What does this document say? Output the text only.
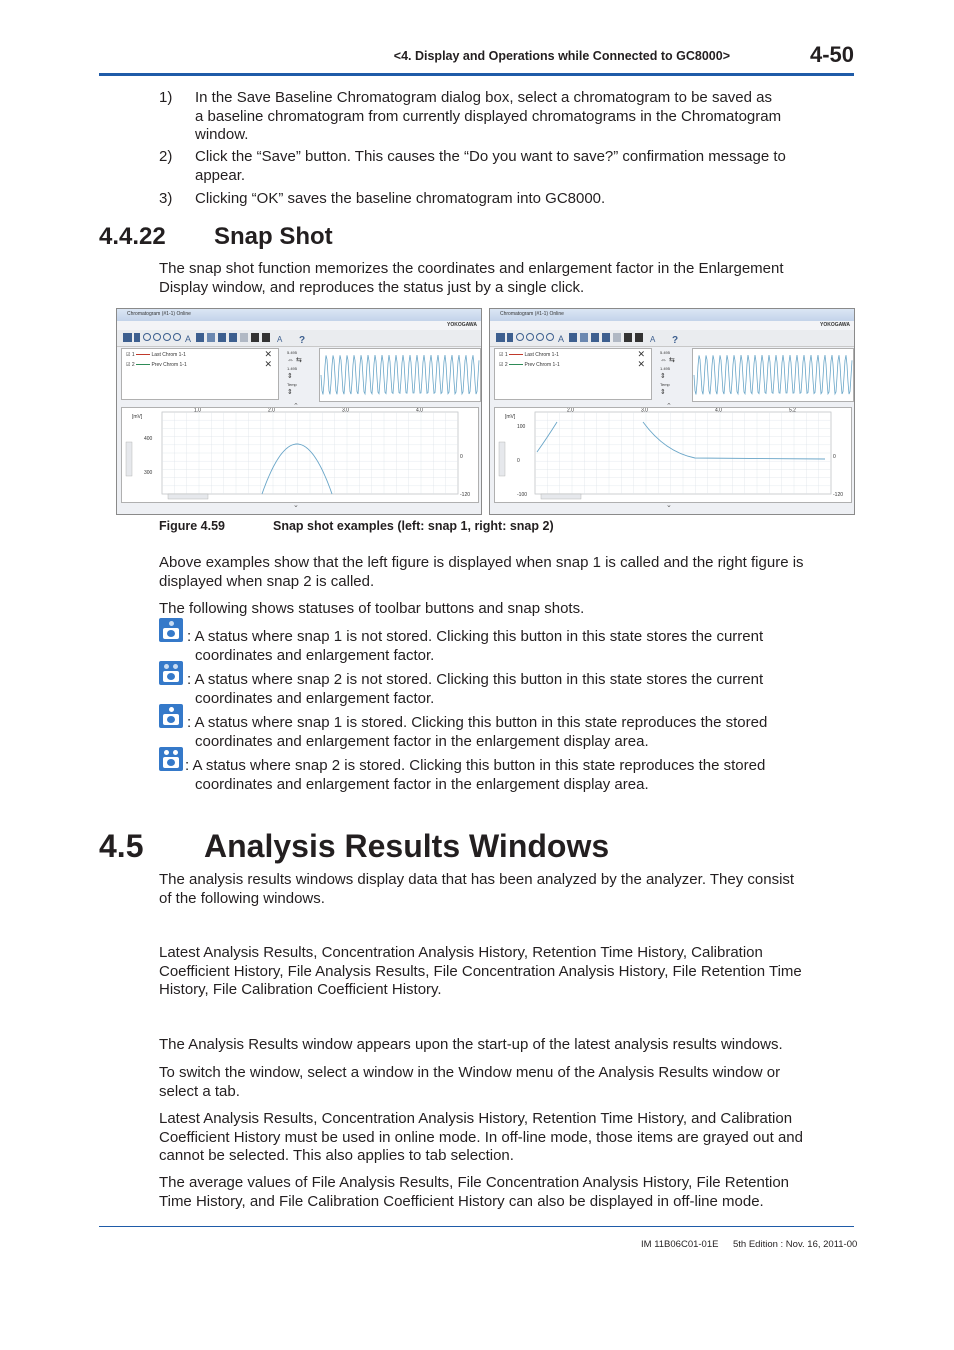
<4. Display and Operations while Connected to GC8000>	4-50
1) In the Save Baseline Chromatogram dialog box, select a chromatogram to be saved as
a baseline chromatogram from currently displayed chromatograms in the Chromatogram
window.
2) Click the “Save” button. This causes the “Do you want to save?” confirmation message to
appear.
3) Clicking “OK” saves the baseline chromatogram into GC8000.
4.4.22 Snap Shot
The snap shot function memorizes the coordinates and enlargement factor in the Enlargement
Display window, and reproduces the status just by a single click.
Chromatogram (#1-1) Online
YOKOGAWA
A	A ?
☑ 1	Last Chrom 1-1
☑ 2	Prev Chrom 1-1
✕
✕
5.495
⇔ ⇆
1.495
⇕
Temp
⇕
⌃
1.0	2.0	3.0	4.0
[mV]
400
300
0
-120
⌄
Chromatogram (#1-1) Online
YOKOGAWA
A	A ?
☑ 1	Last Chrom 1-1
☑ 2	Prev Chrom 1-1
✕
✕
5.495
⇔ ⇆
1.495
⇕
Temp
⇕
⌃
2.0	3.0	4.0	5.2
[mV]
100
0
-100
0
-120
⌄
Figure 4.59	Snap shot examples (left: snap 1, right: snap 2)
Above examples show that the left figure is displayed when snap 1 is called and the right figure is
displayed when snap 2 is called.
The following shows statuses of toolbar buttons and snap shots.
: A status where snap 1 is not stored. Clicking this button in this state stores the current
coordinates and enlargement factor.
: A status where snap 2 is not stored. Clicking this button in this state stores the current
coordinates and enlargement factor.
: A status where snap 1 is stored. Clicking this button in this state reproduces the stored
coordinates and enlargement factor in the enlargement display area.
: A status where snap 2 is stored. Clicking this button in this state reproduces the stored
coordinates and enlargement factor in the enlargement display area.
4.5 Analysis Results Windows
The analysis results windows display data that has been analyzed by the analyzer. They consist
of the following windows.
Latest Analysis Results, Concentration Analysis History, Retention Time History, Calibration
Coefficient History, File Analysis Results, File Concentration Analysis History, File Retention Time
History, File Calibration Coefficient History.
The Analysis Results window appears upon the start-up of the latest analysis results windows.
To switch the window, select a window in the Window menu of the Analysis Results window or
select a tab.
Latest Analysis Results, Concentration Analysis History, Retention Time History, and Calibration
Coefficient History must be used in online mode. In off-line mode, those items are grayed out and
cannot be selected. This also applies to tab selection.
The average values of File Analysis Results, File Concentration Analysis History, File Retention
Time History, and File Calibration Coefficient History can also be displayed in off-line mode.
IM 11B06C01-01E 5th Edition : Nov. 16, 2011-00
